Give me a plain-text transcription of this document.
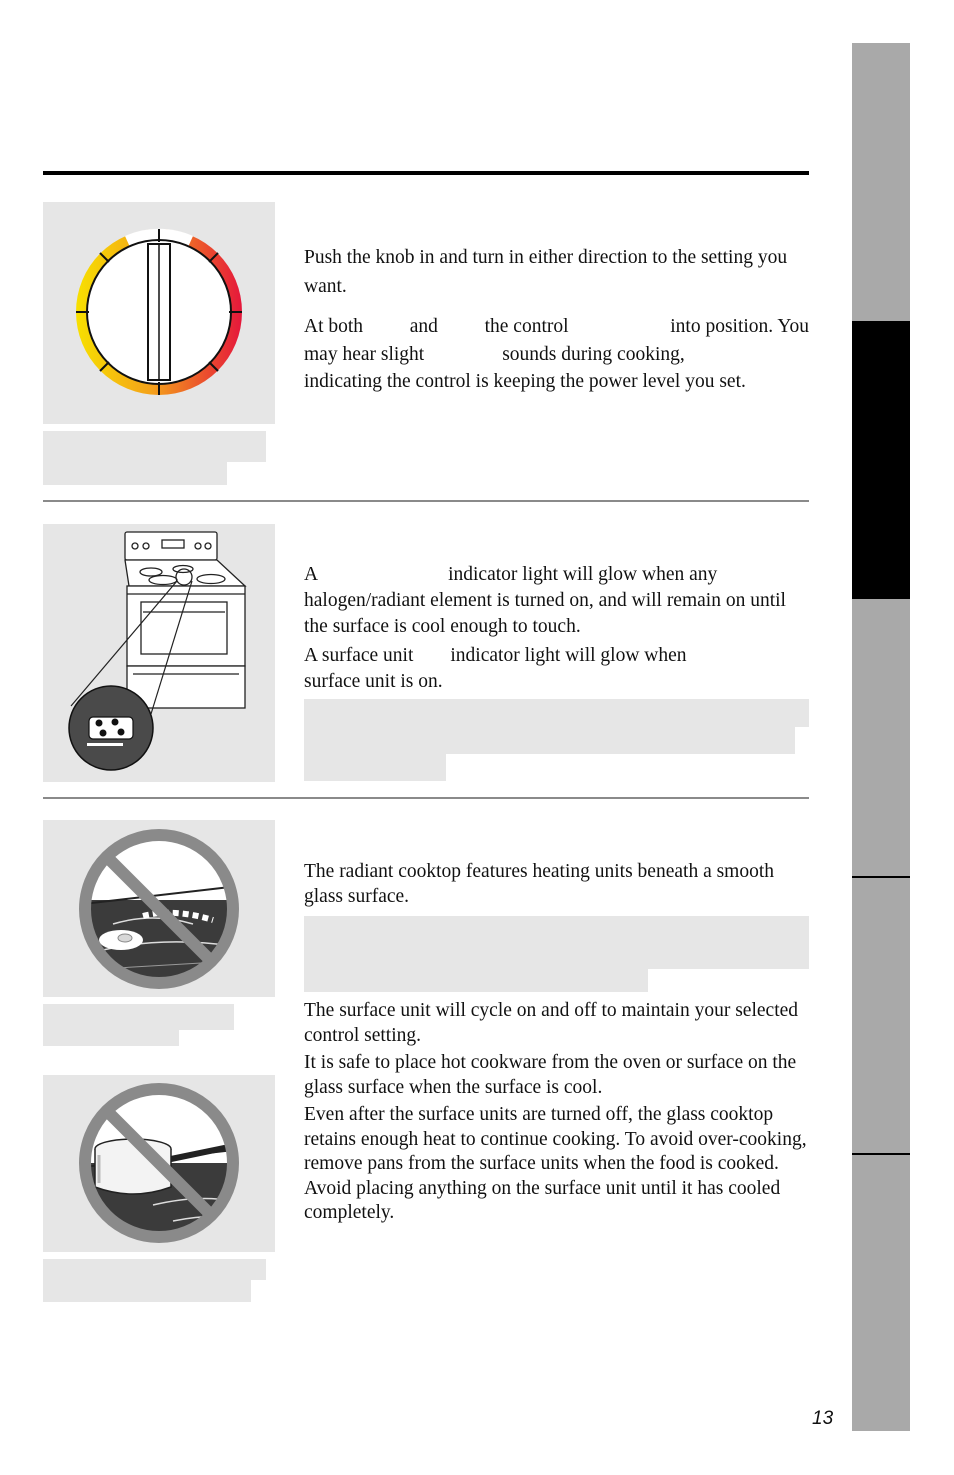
Push the knob in and turn in either direction to the setting you want.

At both and the control	into position. You
may hear slight	sounds during cooking,
indicating the control is keeping the power level you set.
A	indicator light will glow when any
halogen/radiant element is turned on, and will remain on until the surface is cool enough to touch.
A surface unit indicator light will glow when
surface unit is on.
The radiant cooktop features heating units beneath a smooth glass surface.

The surface unit will cycle on and off to maintain your selected control setting.

It is safe to place hot cookware from the oven or surface on the glass surface when the surface is cool.

Even after the surface units are turned off, the glass cooktop retains enough heat to continue cooking. To avoid over-cooking, remove pans from the surface units when the food is cooked. Avoid placing anything on the surface unit until it has cooled completely.

13
